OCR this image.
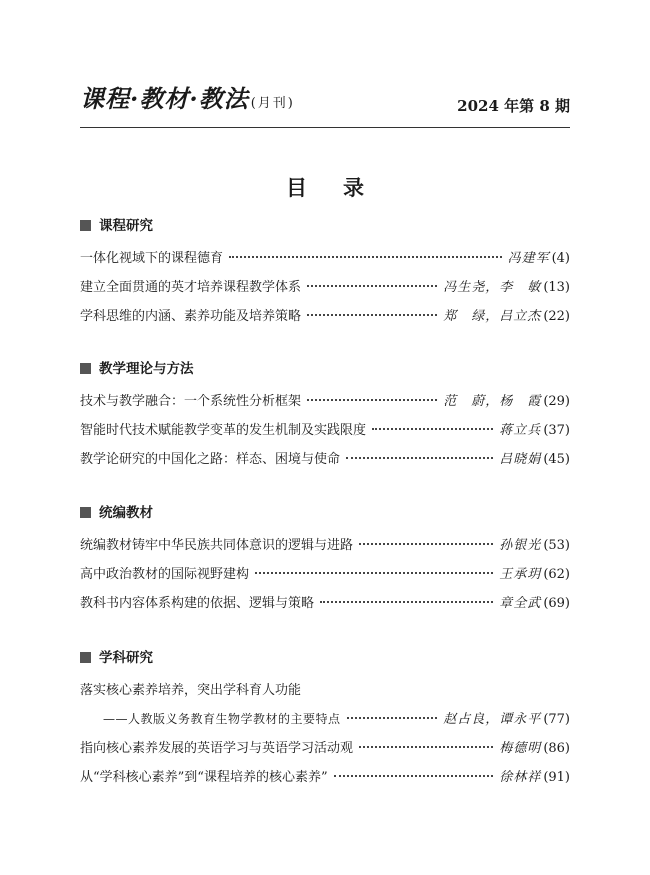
课程·教材·教法 (月刊)	2024 年第 8 期
目录
课程研究
一体化视域下的课程德育	冯建军 (4)
建立全面贯通的英才培养课程教学体系	冯生尧，李　敏 (13)
学科思维的内涵、素养功能及培养策略	郑　绿，吕立杰 (22)
教学理论与方法
技术与教学融合：一个系统性分析框架	范　蔚，杨　霞 (29)
智能时代技术赋能教学变革的发生机制及实践限度	蒋立兵 (37)
教学论研究的中国化之路：样态、困境与使命	吕晓娟 (45)
统编教材
统编教材铸牢中华民族共同体意识的逻辑与进路	孙银光 (53)
高中政治教材的国际视野建构	王承玥 (62)
教科书内容体系构建的依据、逻辑与策略	章全武 (69)
学科研究
落实核心素养培养，突出学科育人功能
——人教版义务教育生物学教材的主要特点	赵占良，谭永平 (77)
指向核心素养发展的英语学习与英语学习活动观	梅德明 (86)
从“学科核心素养”到“课程培养的核心素养”	徐林祥 (91)
